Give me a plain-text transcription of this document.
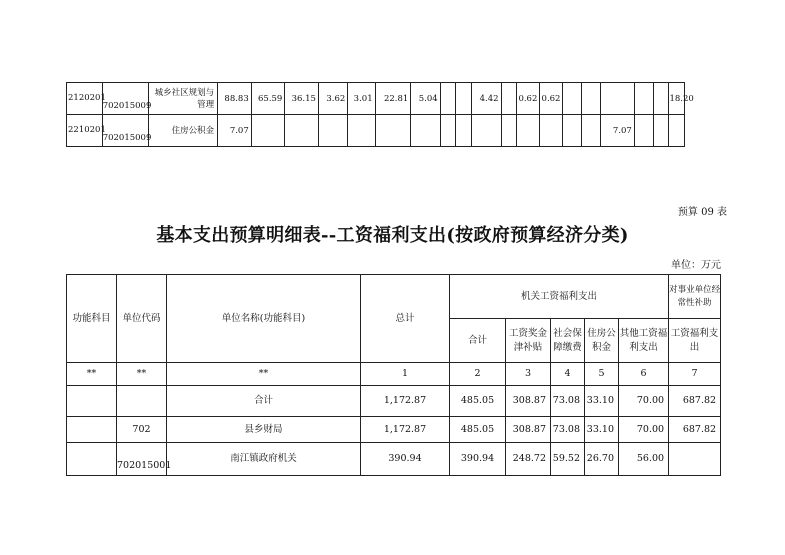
2120201	702015009	城乡社区规划与管理	88.83	65.59	36.15	3.62	3.01	22.81	5.04			4.42		0.62	0.62						18.20
2210201	702015009	住房公积金	7.07															7.07			
预算 09 表
基本支出预算明细表--工资福利支出(按政府预算经济分类)
单位：万元
功能科目	单位代码	单位名称(功能科目)	总计	机关工资福利支出					对事业单位经常性补助
				合计	工资奖金津补贴	社会保障缴费	住房公积金	其他工资福利支出	工资福利支出
**	**	**	1	2	3	4	5	6	7
		合计	1,172.87	485.05	308.87	73.08	33.10	70.00	687.82
	702	县乡财局	1,172.87	485.05	308.87	73.08	33.10	70.00	687.82
	702015001	南江镇政府机关	390.94	390.94	248.72	59.52	26.70	56.00	
